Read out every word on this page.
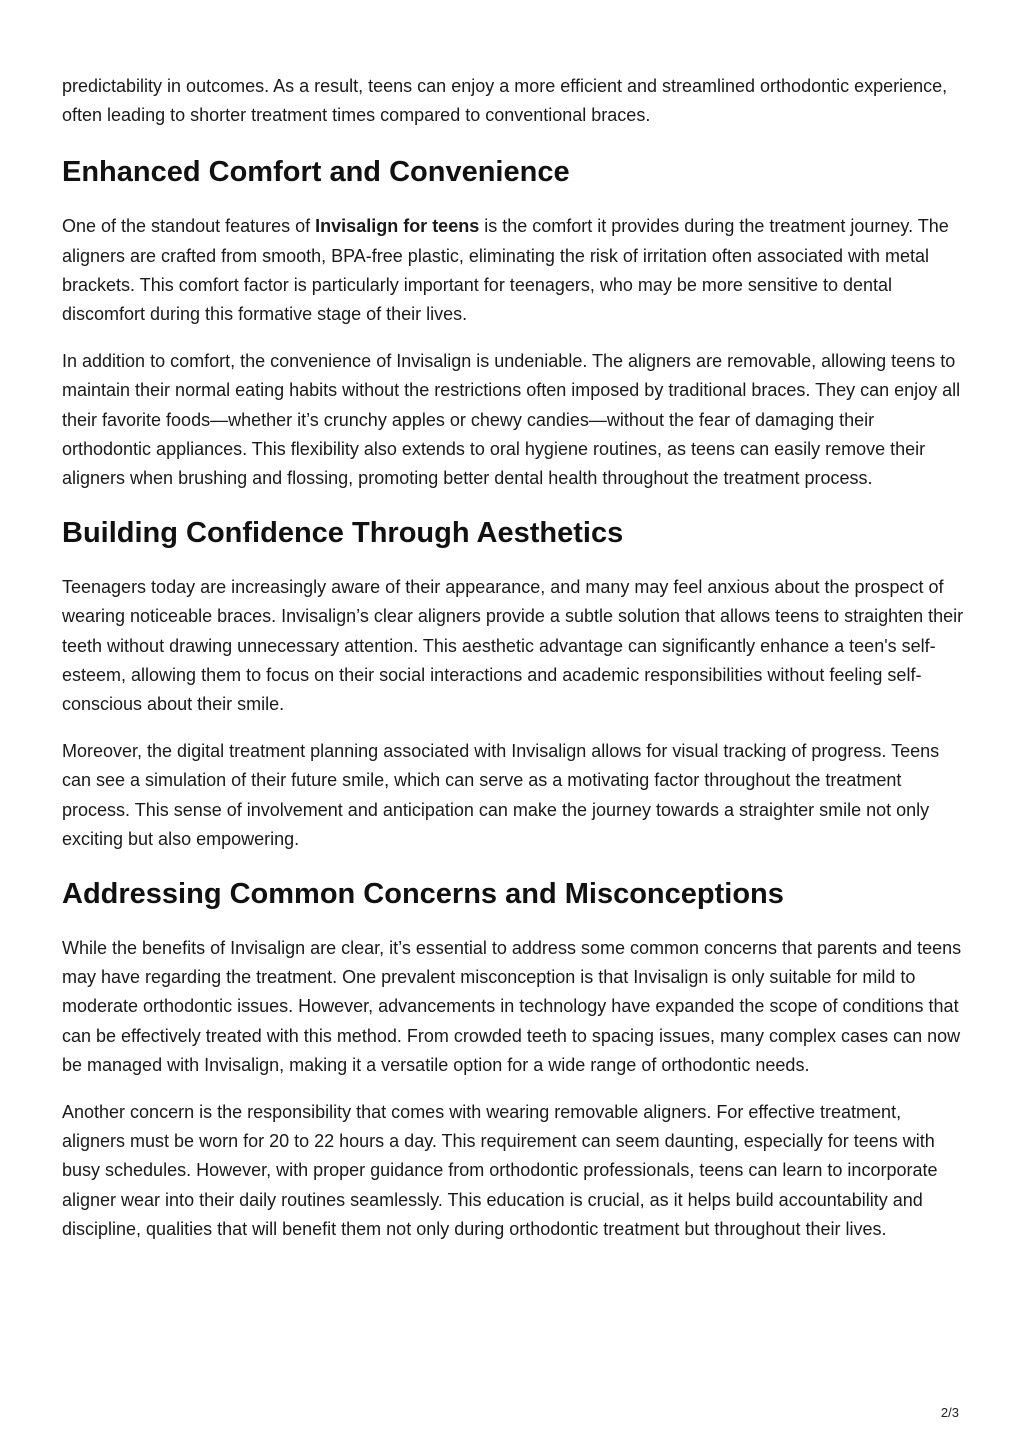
predictability in outcomes. As a result, teens can enjoy a more efficient and streamlined orthodontic experience, often leading to shorter treatment times compared to conventional braces.

Enhanced Comfort and Convenience

One of the standout features of Invisalign for teens is the comfort it provides during the treatment journey. The aligners are crafted from smooth, BPA-free plastic, eliminating the risk of irritation often associated with metal brackets. This comfort factor is particularly important for teenagers, who may be more sensitive to dental discomfort during this formative stage of their lives.

In addition to comfort, the convenience of Invisalign is undeniable. The aligners are removable, allowing teens to maintain their normal eating habits without the restrictions often imposed by traditional braces. They can enjoy all their favorite foods—whether it’s crunchy apples or chewy candies—without the fear of damaging their orthodontic appliances. This flexibility also extends to oral hygiene routines, as teens can easily remove their aligners when brushing and flossing, promoting better dental health throughout the treatment process.

Building Confidence Through Aesthetics

Teenagers today are increasingly aware of their appearance, and many may feel anxious about the prospect of wearing noticeable braces. Invisalign’s clear aligners provide a subtle solution that allows teens to straighten their teeth without drawing unnecessary attention. This aesthetic advantage can significantly enhance a teen's self-esteem, allowing them to focus on their social interactions and academic responsibilities without feeling self-conscious about their smile.

Moreover, the digital treatment planning associated with Invisalign allows for visual tracking of progress. Teens can see a simulation of their future smile, which can serve as a motivating factor throughout the treatment process. This sense of involvement and anticipation can make the journey towards a straighter smile not only exciting but also empowering.

Addressing Common Concerns and Misconceptions

While the benefits of Invisalign are clear, it’s essential to address some common concerns that parents and teens may have regarding the treatment. One prevalent misconception is that Invisalign is only suitable for mild to moderate orthodontic issues. However, advancements in technology have expanded the scope of conditions that can be effectively treated with this method. From crowded teeth to spacing issues, many complex cases can now be managed with Invisalign, making it a versatile option for a wide range of orthodontic needs.

Another concern is the responsibility that comes with wearing removable aligners. For effective treatment, aligners must be worn for 20 to 22 hours a day. This requirement can seem daunting, especially for teens with busy schedules. However, with proper guidance from orthodontic professionals, teens can learn to incorporate aligner wear into their daily routines seamlessly. This education is crucial, as it helps build accountability and discipline, qualities that will benefit them not only during orthodontic treatment but throughout their lives.

2/3
